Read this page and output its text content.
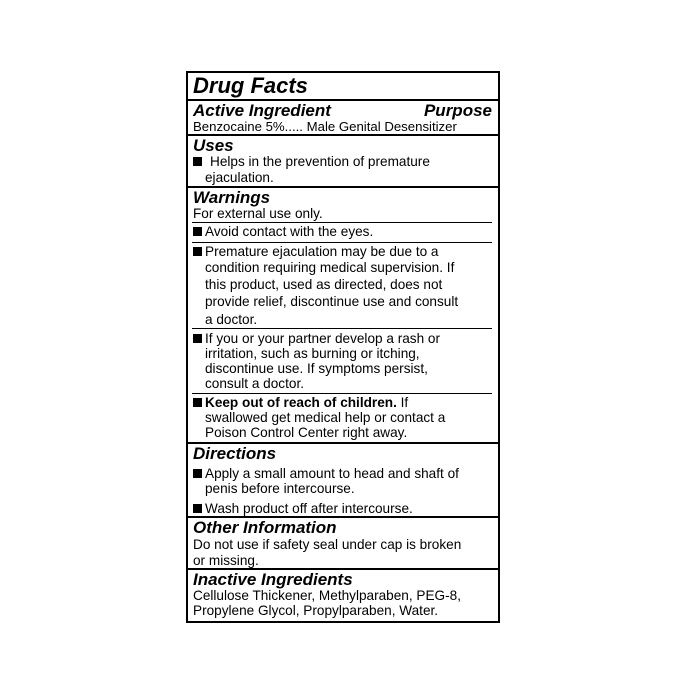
Drug Facts
Active Ingredient	Purpose
Benzocaine 5%..... Male Genital Desensitizer
Uses
Helps in the prevention of premature
ejaculation.
Warnings
For external use only.
Avoid contact with the eyes.
Premature ejaculation may be due to a
condition requiring medical supervision. If
this product, used as directed, does not
provide relief, discontinue use and consult
a doctor.
If you or your partner develop a rash or
irritation, such as burning or itching,
discontinue use. If symptoms persist,
consult a doctor.
Keep out of reach of children. If
swallowed get medical help or contact a
Poison Control Center right away.
Directions
Apply a small amount to head and shaft of
penis before intercourse.
Wash product off after intercourse.
Other Information
Do not use if safety seal under cap is broken
or missing.
Inactive Ingredients
Cellulose Thickener, Methylparaben, PEG-8,
Propylene Glycol, Propylparaben, Water.
